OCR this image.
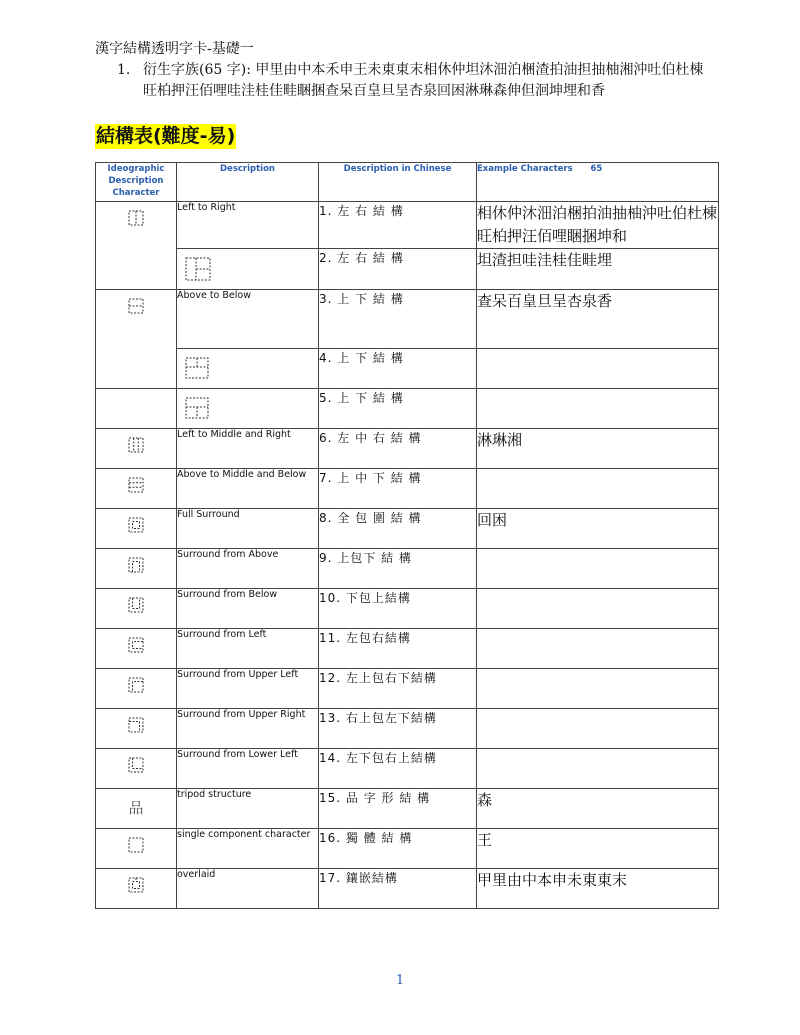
漢字結構透明字卡-基礎一
1. 衍生字族(65 字): 甲里由中本禾申王未東東末相休仲坦沐沺泊梱渣拍油担抽柚湘沖吐伯杜棟旺柏押汪佰哩哇洼桂佳畦睏捆查呆百皇旦呈杏泉回困淋琳森伸但洄坤埋和香
結構表(難度-易)
Ideographic Description Character	Description	Description in Chinese	Example Characters 65

	Left to Right	1. 左 右 結 構	相休仲沐沺泊梱拍油抽柚沖吐伯杜棟旺柏押汪佰哩睏捆坤和

	2. 左 右 結 構	坦渣担哇洼桂佳畦埋

	Above to Below	3. 上 下 結 構	查呆百皇旦呈杏泉香

	4. 上 下 結 構	

	5. 上 下 結 構	

	Left to Middle and Right	6. 左 中 右 結 構	淋琳湘

	Above to Middle and Below	7. 上 中 下 結 構	

	Full Surround	8. 全 包 圍 結 構	回困

	Surround from Above	9. 上包下 結 構	

	Surround from Below	10. 下包上結構	

	Surround from Left	11. 左包右結構	

	Surround from Upper Left	12. 左上包右下結構	

	Surround from Upper Right	13. 右上包左下結構	

	Surround from Lower Left	14. 左下包右上結構	

品	tripod structure	15. 品 字 形 結 構	森

	single component character	16. 獨 體 結 構	王

	overlaid	17. 鑲嵌結構	甲里由中本申未東東末
1
